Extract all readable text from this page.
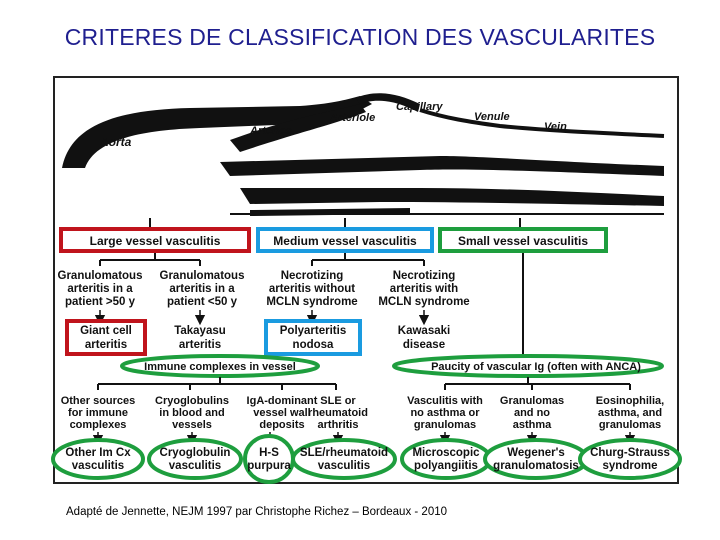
CRITERES DE CLASSIFICATION DES VASCULARITES
Aorta
Arteries
Arteriole
Capillary
Venule
Vein
Large vessel vasculitis	Medium vessel vasculitis	Small vessel vasculitis
Granulomatous arteritis in a patient >50 y
Granulomatous arteritis in a patient <50 y
Necrotizing arteritis without MCLN syndrome
Necrotizing arteritis with MCLN syndrome
Giant cell arteritis
Takayasu arteritis
Polyarteritis nodosa
Kawasaki disease
Immune complexes in vessel	Paucity of vascular Ig (often with ANCA)
Other sources for immune complexes
Cryoglobulins in blood and vessels
IgA-dominant vessel wall deposits
SLE or rheumatoid arthritis
Vasculitis with no asthma or granulomas
Granulomas and no asthma
Eosinophilia, asthma, and granulomas
Other Im Cx vasculitis
Cryoglobulin vasculitis
H-S purpura
SLE/rheumatoid vasculitis
Microscopic polyangiitis
Wegener's granulomatosis
Churg-Strauss syndrome
Adapté de Jennette, NEJM 1997 par Christophe Richez – Bordeaux - 2010
